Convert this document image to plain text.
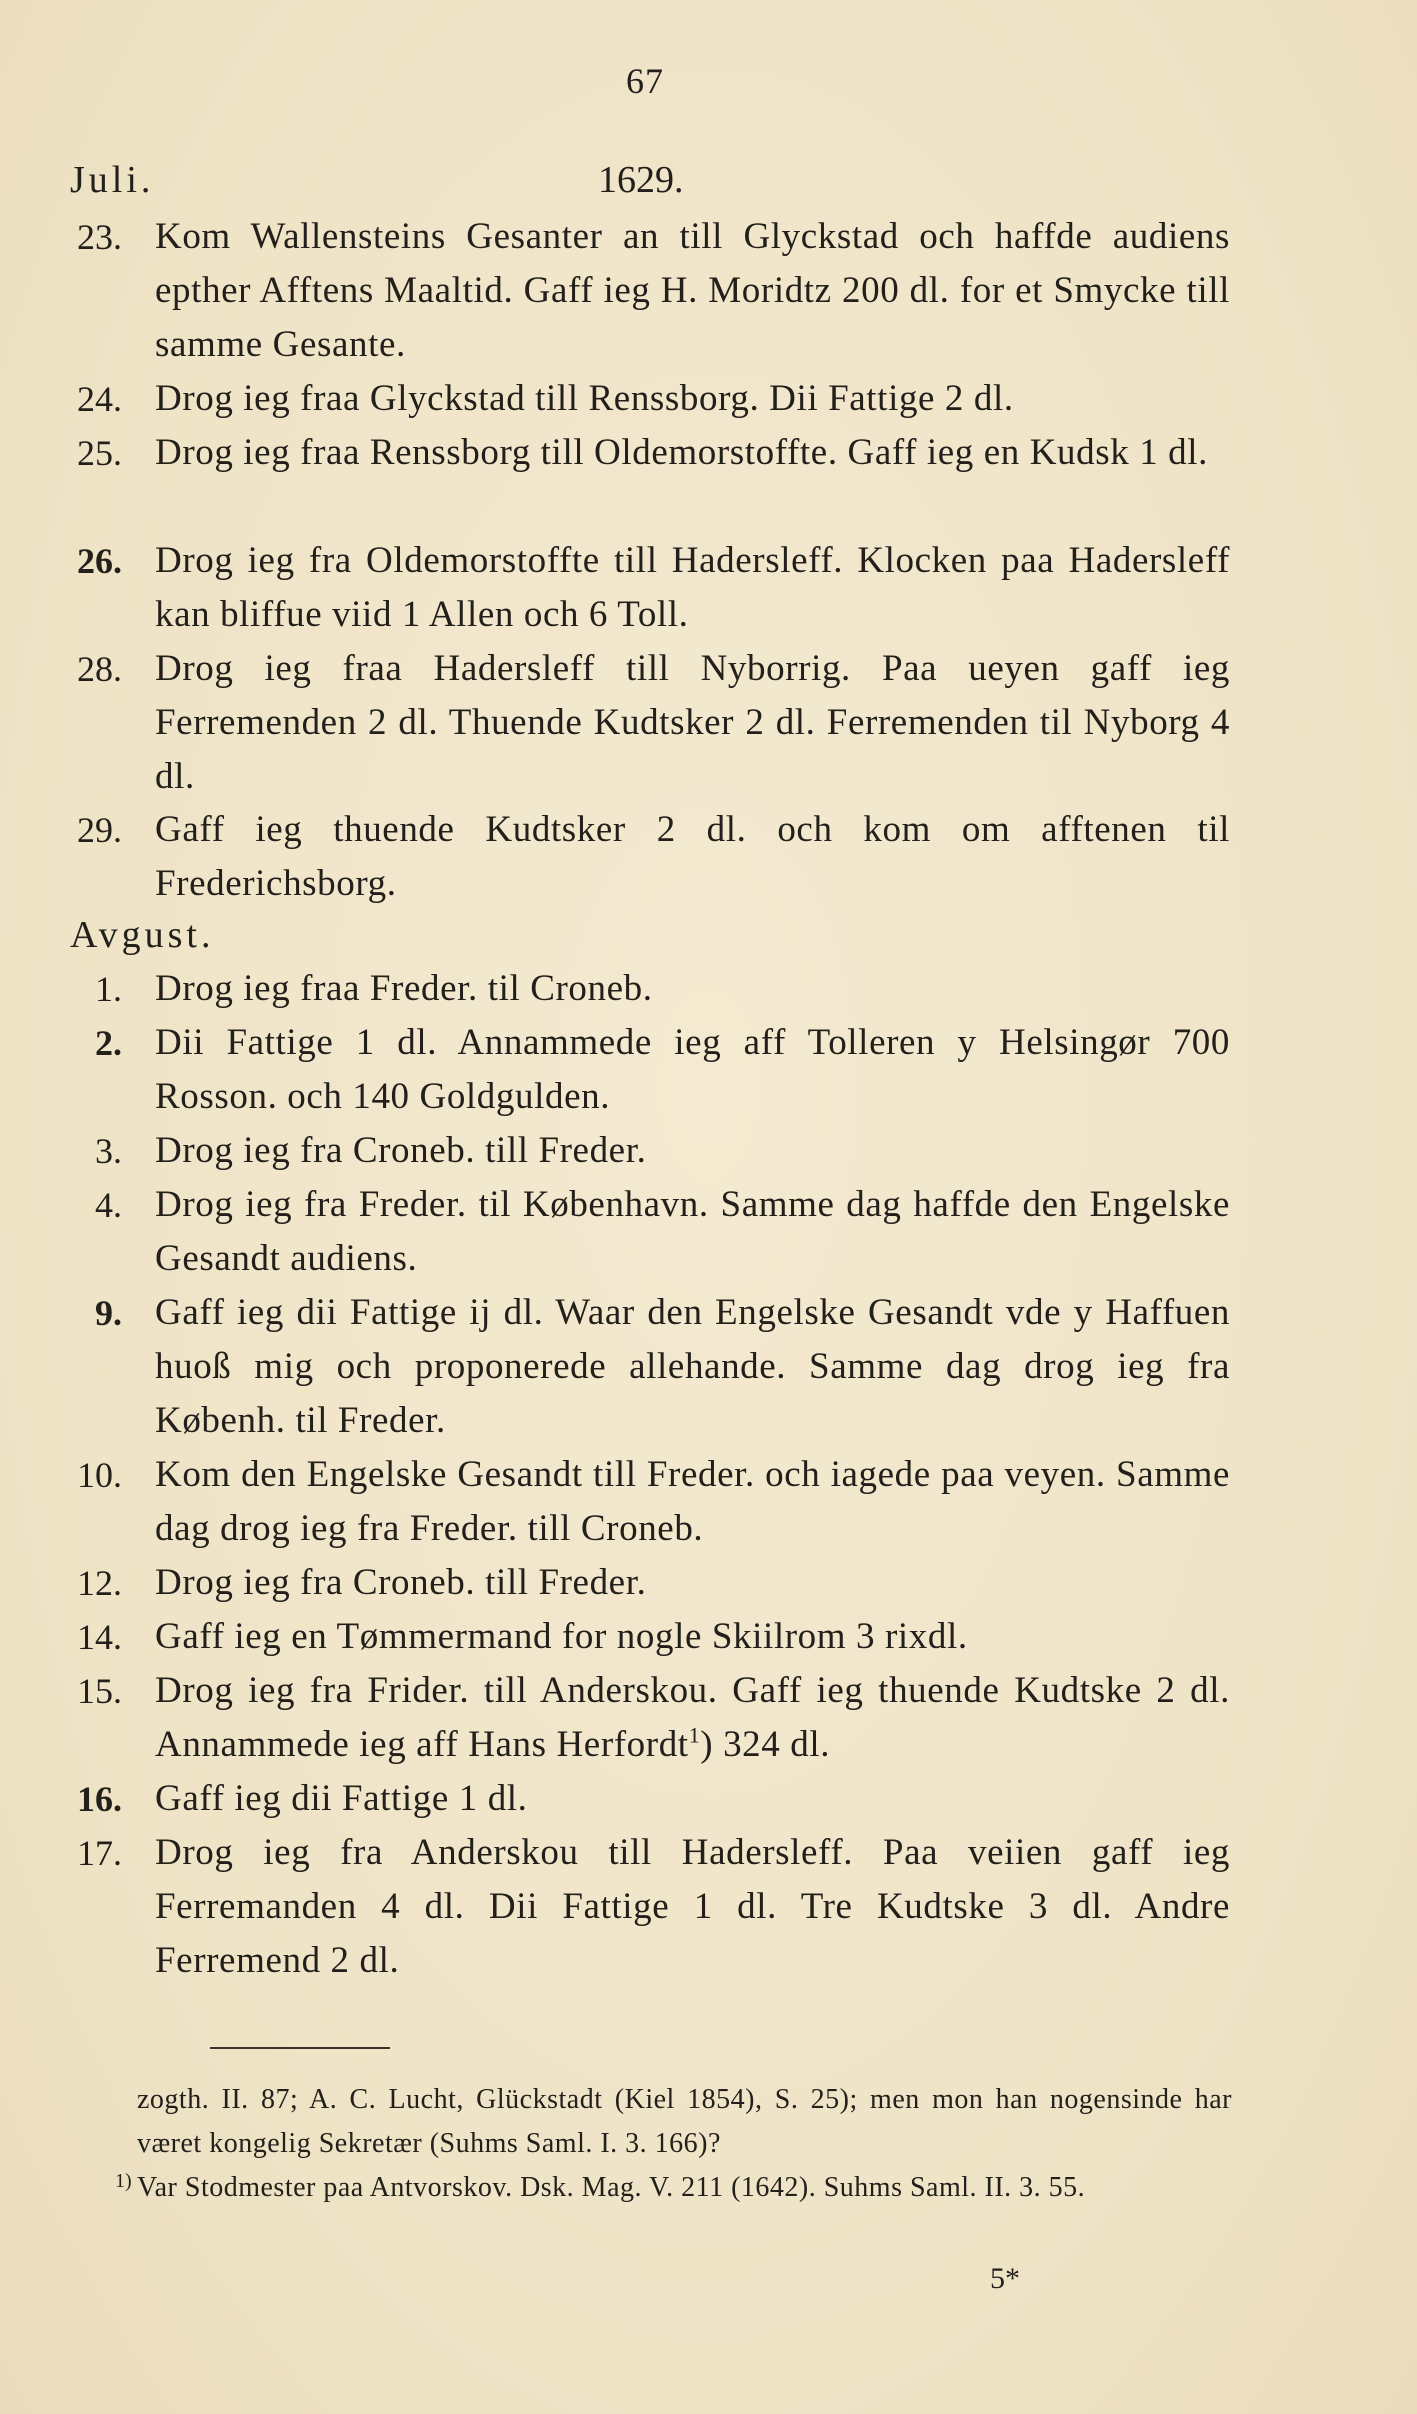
67
Juli.	1629.
23. Kom Wallensteins Gesanter an till Glyckstad och haffde audiens epther Afftens Maaltid. Gaff ieg H. Moridtz 200 dl. for et Smycke till samme Gesante.
24. Drog ieg fraa Glyckstad till Renssborg. Dii Fattige 2 dl.
25. Drog ieg fraa Renssborg till Oldemorstoffte. Gaff ieg en Kudsk 1 dl.
26. Drog ieg fra Oldemorstoffte till Hadersleff. Klocken paa Hadersleff kan bliffue viid 1 Allen och 6 Toll.
28. Drog ieg fraa Hadersleff till Nyborrig. Paa ueyen gaff ieg Ferremenden 2 dl. Thuende Kudtsker 2 dl. Ferremenden til Nyborg 4 dl.
29. Gaff ieg thuende Kudtsker 2 dl. och kom om afftenen til Frederichsborg.
Avgust.
1. Drog ieg fraa Freder. til Croneb.
2. Dii Fattige 1 dl. Annammede ieg aff Tolleren y Helsingør 700 Rosson. och 140 Goldgulden.
3. Drog ieg fra Croneb. till Freder.
4. Drog ieg fra Freder. til København. Samme dag haffde den Engelske Gesandt audiens.
9. Gaff ieg dii Fattige ij dl. Waar den Engelske Gesandt vde y Haffuen huoß mig och proponerede allehande. Samme dag drog ieg fra Københ. til Freder.
10. Kom den Engelske Gesandt till Freder. och iagede paa veyen. Samme dag drog ieg fra Freder. till Croneb.
12. Drog ieg fra Croneb. till Freder.
14. Gaff ieg en Tømmermand for nogle Skiilrom 3 rixdl.
15. Drog ieg fra Frider. till Anderskou. Gaff ieg thuende Kudtske 2 dl. Annammede ieg aff Hans Herfordt$^1$) 324 dl.
16. Gaff ieg dii Fattige 1 dl.
17. Drog ieg fra Anderskou till Hadersleff. Paa veiien gaff ieg Ferremanden 4 dl. Dii Fattige 1 dl. Tre Kudtske 3 dl. Andre Ferremend 2 dl.
zogth. II. 87; A. C. Lucht, Glückstadt (Kiel 1854), S. 25); men mon han nogensinde har været kongelig Sekretær (Suhms Saml. I. 3. 166)?
1) Var Stodmester paa Antvorskov. Dsk. Mag. V. 211 (1642). Suhms Saml. II. 3. 55.
5*
